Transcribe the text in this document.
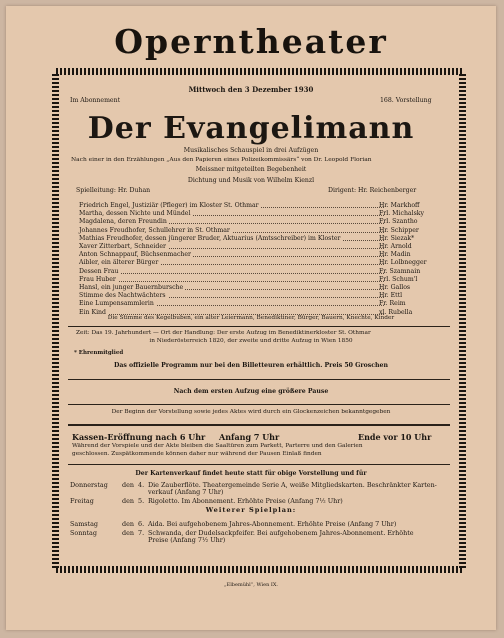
Operntheater
Mittwoch den 3 Dezember 1930
Im Abonnement	168. Vorstellung
Der Evangelimann
Musikalisches Schauspiel in drei Aufzügen
Nach einer in den Erzählungen „Aus den Papieren eines Polizeikommissärs“ von Dr. Leopold Florian
Meissner mitgeteilten Begebenheit
Dichtung und Musik von Wilhelm Kienzl
Spielleitung: Hr. Duhan	Dirigent: Hr. Reichenberger
Friedrich Engel, Justiziär (Pfleger) im Kloster St. Othmar	Hr. Markhoff
Martha, dessen Nichte und Mündel	Frl. Michalsky
Magdalena, deren Freundin	Frl. Szantho
Johannes Freudhofer, Schullehrer in St. Othmar	Hr. Schipper
Mathias Freudhofer, dessen jüngerer Bruder, Aktuarius (Amtsschreiber) im Kloster	Hr. Siezak*
Xaver Zitterbart, Schneider	Hr. Arnold
Anton Schnappauf, Büchsenmacher	Hr. Madin
Aibler, ein älterer Bürger	Hr. Lolbnegger
Dessen Frau	Fr. Szamnain
Frau Huber	Frl. Schum'l
Hansl, ein junger Bauernbursche	Hr. Gallos
Stimme des Nachtwächters	Hr. Ettl
Eine Lumpensammlerin	Fr. Reim
Ein Kind	xl. Rubella
Die Stimme des Kegelbuben, ein alter Leiermann, Benediktiner, Bürger, Bauern, Knechte, Kinder
Zeit: Das 19. Jahrhundert — Ort der Handlung: Der erste Aufzug im Benediktinerkloster St. Othmar
in Niederösterreich 1820, der zweite und dritte Aufzug in Wien 1850
* Ehrenmitglied
Das offizielle Programm nur bei den Billetteuren erhältlich. Preis 50 Groschen
Nach dem ersten Aufzug eine größere Pause
Der Beginn der Vorstellung sowie jedes Aktes wird durch ein Glockenzeichen bekanntgegeben
Kassen-Eröffnung nach 6 Uhr Anfang 7 Uhr	Ende vor 10 Uhr
Während der Vorspiele und der Akte bleiben die Saaltüren zum Parkett, Parterre und den Galerien
geschlossen. Zuspätkommende können daher nur während der Pausen Einlaß finden
Der Kartenverkauf findet heute statt für obige Vorstellung und für
Donnerstag den 4. Die Zauberflöte. Theatergemeinde Serie A, weiße Mitgliedskarten. Beschränkter Karten-
verkauf (Anfang 7 Uhr)
Freitag	den 5. Rigoletto. Im Abonnement. Erhöhte Preise (Anfang 7½ Uhr)
Weiterer Spielplan:
Samstag	den 6. Aida. Bei aufgehobenem Jahres-Abonnement. Erhöhte Preise (Anfang 7 Uhr)
Sonntag	den 7. Schwanda, der Dudelsackpfeifer. Bei aufgehobenem Jahres-Abonnement. Erhöhte
Preise (Anfang 7½ Uhr)
„Elbemühl“, Wien IX.
